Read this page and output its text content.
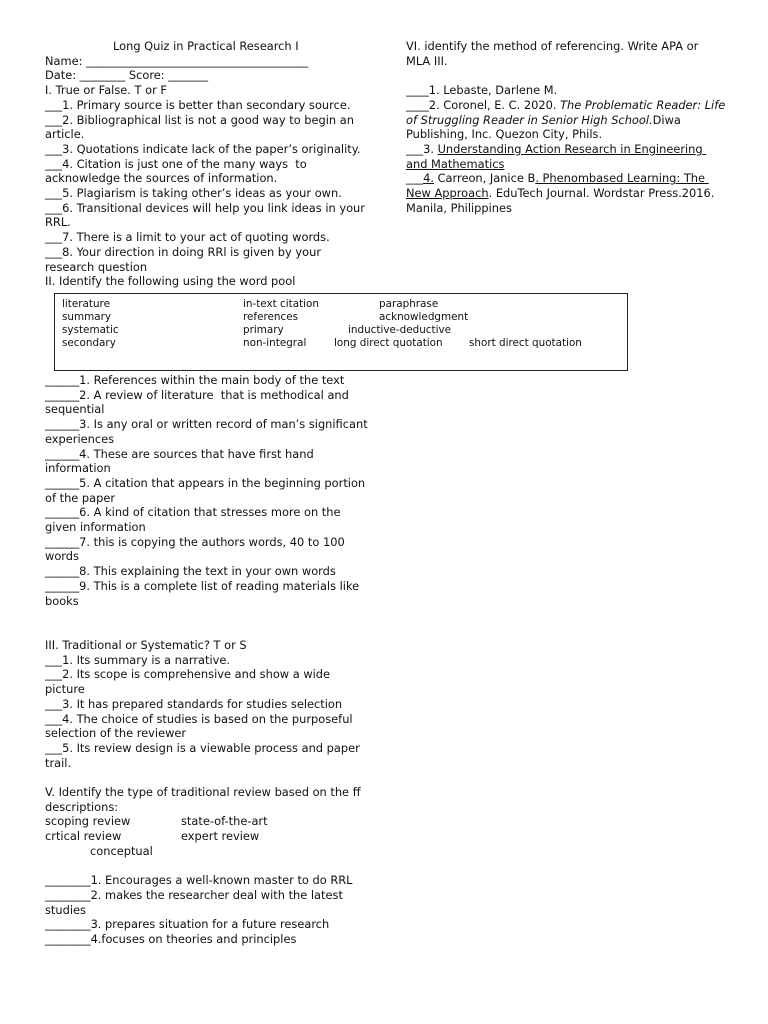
Long Quiz in Practical Research I
Name: _______________________________________
Date: ________ Score: _______
I. True or False. T or F
___1. Primary source is better than secondary source.
___2. Bibliographical list is not a good way to begin an article.
___3. Quotations indicate lack of the paper’s originality.
___4. Citation is just one of the many ways  to acknowledge the sources of information.
___5. Plagiarism is taking other’s ideas as your own.
___6. Transitional devices will help you link ideas in your RRL.
___7. There is a limit to your act of quoting words.
___8. Your direction in doing RRl is given by your research question
II. Identify the following using the word pool
VI. identify the method of referencing. Write APA or MLA III.
____1. Lebaste, Darlene M.
____2. Coronel, E. C. 2020. The Problematic Reader: Life of Struggling Reader in Senior High School.Diwa Publishing, Inc. Quezon City, Phils.
___3. Understanding Action Research in Engineering and Mathematics
___4. Carreon, Janice B. Phenombased Learning: The New Approach. EduTech Journal. Wordstar Press.2016. Manila, Philippines
literature	in-text citation	paraphrase
summary	references	acknowledgment
systematic	primary	inductive-deductive
secondary	non-integral	long direct quotation	short direct quotation
______1. References within the main body of the text
______2. A review of literature  that is methodical and sequential
______3. Is any oral or written record of man’s significant experiences
______4. These are sources that have first hand information
______5. A citation that appears in the beginning portion of the paper
______6. A kind of citation that stresses more on the given information
______7. this is copying the authors words, 40 to 100 words
______8. This explaining the text in your own words
______9. This is a complete list of reading materials like books
III. Traditional or Systematic? T or S
___1. Its summary is a narrative.
___2. Its scope is comprehensive and show a wide picture
___3. It has prepared standards for studies selection
___4. The choice of studies is based on the purposeful selection of the reviewer
___5. Its review design is a viewable process and paper trail.
V. Identify the type of traditional review based on the ff descriptions:
scoping review	state-of-the-art
crtical review	expert review
conceptual
________1. Encourages a well-known master to do RRL
________2. makes the researcher deal with the latest studies
________3. prepares situation for a future research
________4.focuses on theories and principles
